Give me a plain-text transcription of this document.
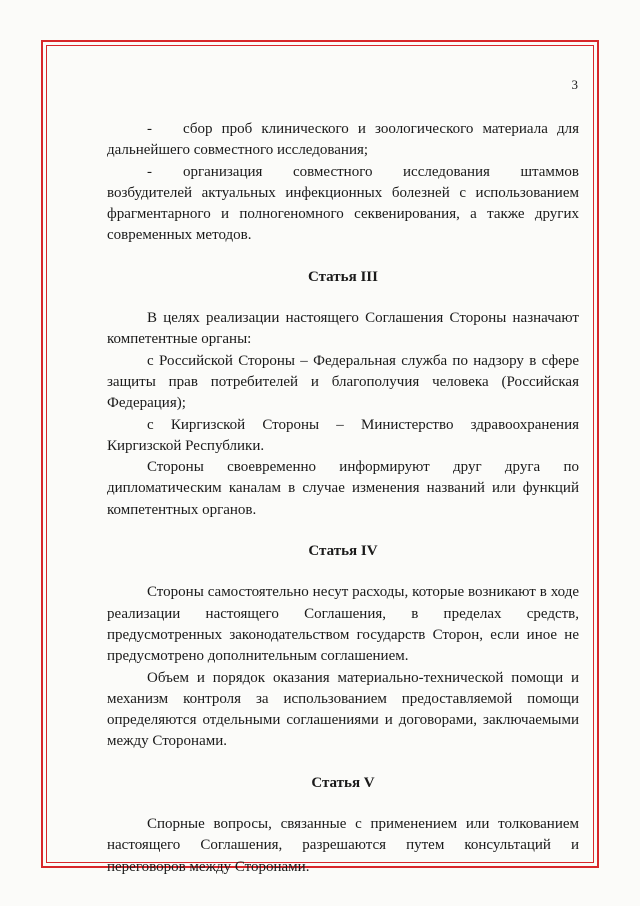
3

- сбор проб клинического и зоологического материала для дальнейшего совместного исследования;

- организация совместного исследования штаммов возбудителей актуальных инфекционных болезней с использованием фрагментарного и полногеномного секвенирования, а также других современных методов.

Статья III

В целях реализации настоящего Соглашения Стороны назначают компетентные органы:

с Российской Стороны – Федеральная служба по надзору в сфере защиты прав потребителей и благополучия человека (Российская Федерация);

с Киргизской Стороны – Министерство здравоохранения Киргизской Республики.

Стороны своевременно информируют друг друга по дипломатическим каналам в случае изменения названий или функций компетентных органов.

Статья IV

Стороны самостоятельно несут расходы, которые возникают в ходе реализации настоящего Соглашения, в пределах средств, предусмотренных законодательством государств Сторон, если иное не предусмотрено дополнительным соглашением.

Объем и порядок оказания материально-технической помощи и механизм контроля за использованием предоставляемой помощи определяются отдельными соглашениями и договорами, заключаемыми между Сторонами.

Статья V

Спорные вопросы, связанные с применением или толкованием настоящего Соглашения, разрешаются путем консультаций и переговоров между Сторонами.
